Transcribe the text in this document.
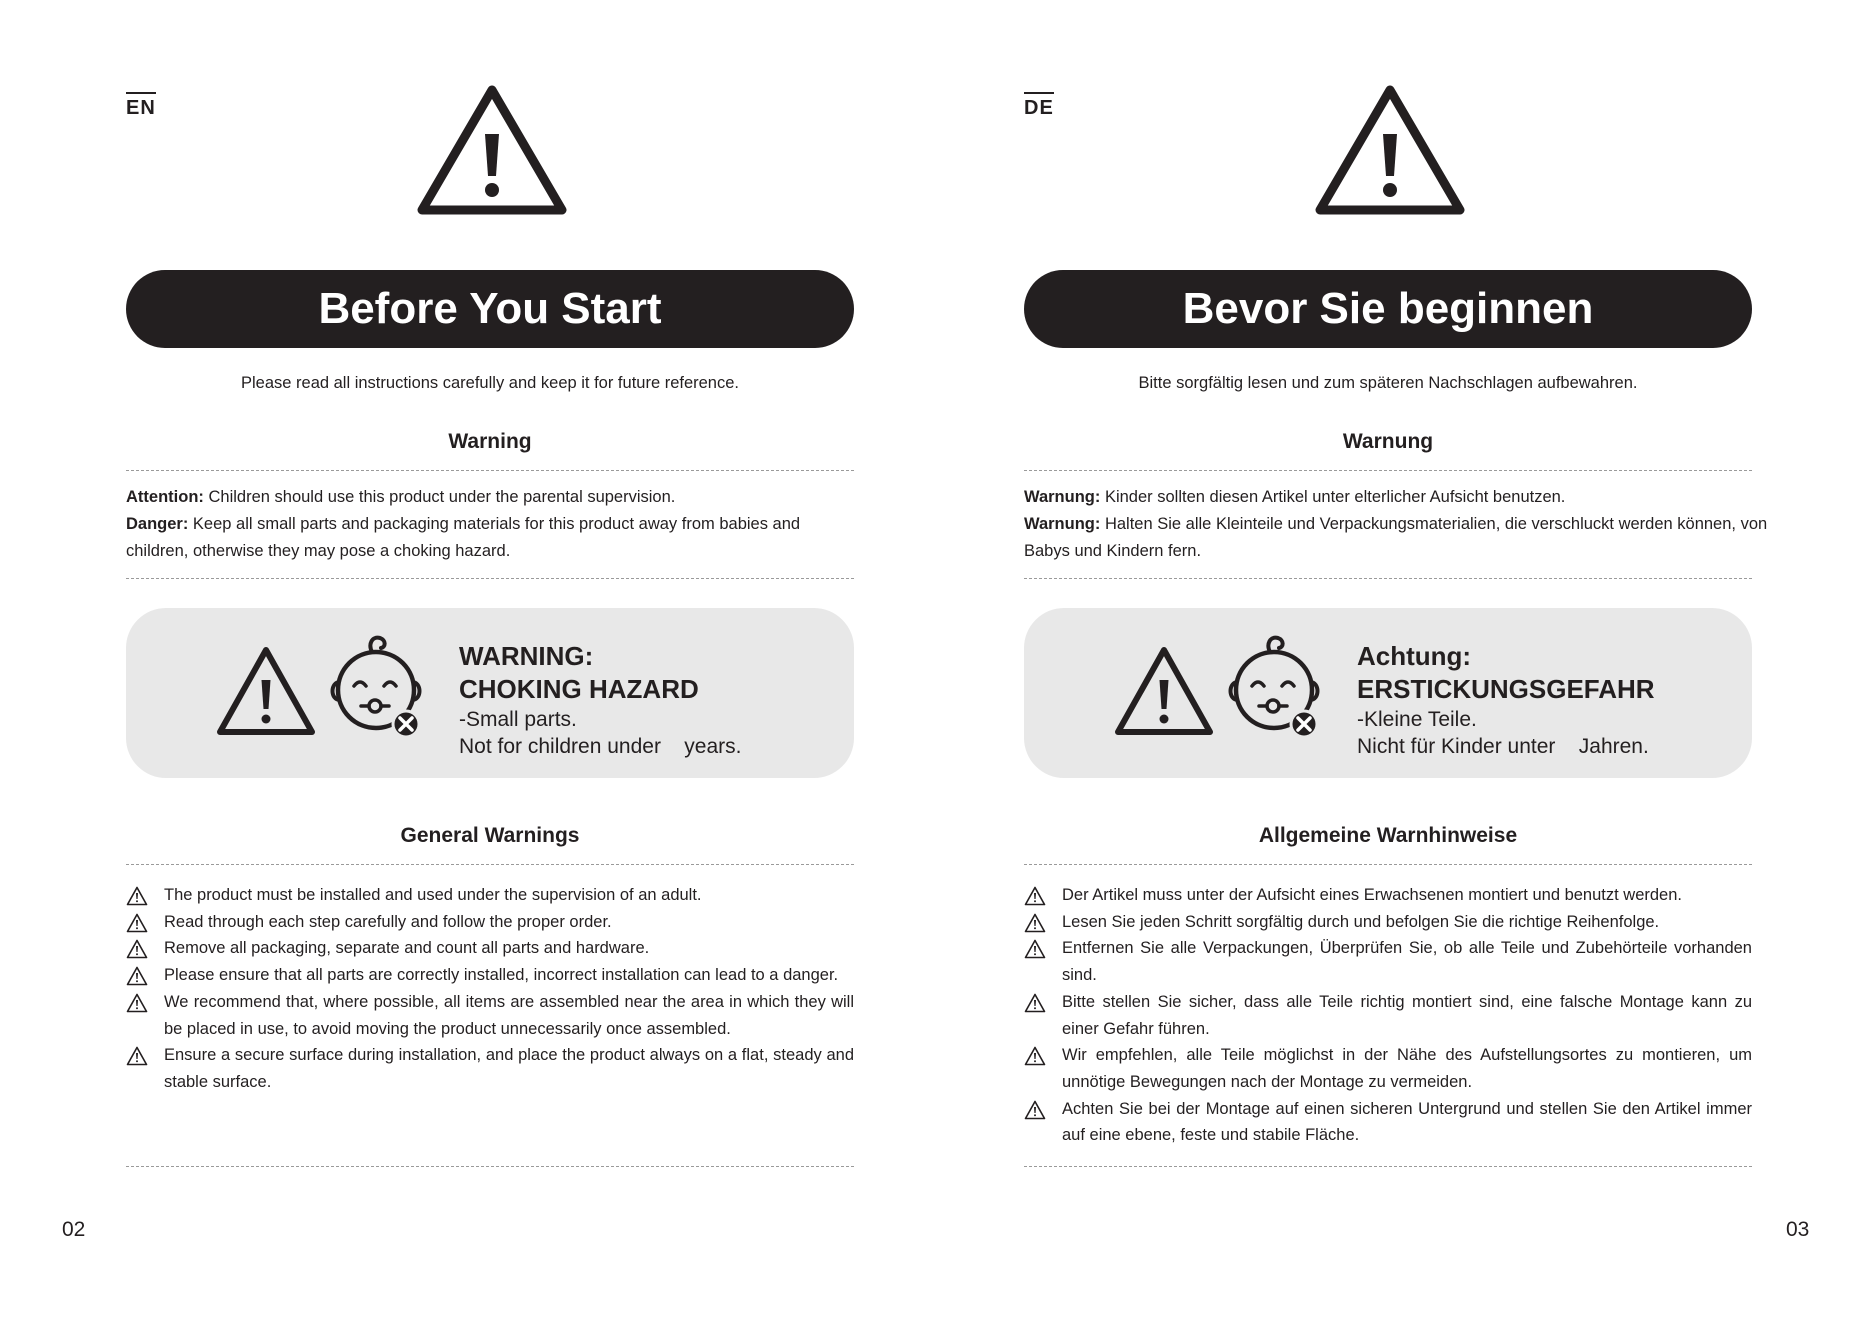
EN
Before You Start
Please read all instructions carefully and keep it for future reference.
Warning
Attention: Children should use this product under the parental supervision.
Danger: Keep all small parts and packaging materials for this product away from babies and children, otherwise they may pose a choking hazard.
WARNING:
CHOKING HAZARD
-Small parts.
Not for children under    years.
General Warnings
The product must be installed and used under the supervision of an adult.
Read through each step carefully and follow the proper order.
Remove all packaging, separate and count all parts and hardware.
Please ensure that all parts are correctly installed, incorrect installation can lead to a danger.
We recommend that, where possible, all items are assembled near the area in which they will be placed in use, to avoid moving the product unnecessarily once assembled.
Ensure a secure surface during installation, and place the product always on a flat, steady and stable surface.
DE
Bevor Sie beginnen
Bitte sorgfältig lesen und zum späteren Nachschlagen aufbewahren.
Warnung
Warnung: Kinder sollten diesen Artikel unter elterlicher Aufsicht benutzen.
Warnung: Halten Sie alle Kleinteile und Verpackungsmaterialien, die verschluckt werden können, von Babys und Kindern fern.
Achtung:
ERSTICKUNGSGEFAHR
-Kleine Teile.
Nicht für Kinder unter    Jahren.
Allgemeine Warnhinweise
Der Artikel muss unter der Aufsicht eines Erwachsenen montiert und benutzt werden.
Lesen Sie jeden Schritt sorgfältig durch und befolgen Sie die richtige Reihenfolge.
Entfernen Sie alle Verpackungen, Überprüfen Sie, ob alle Teile und Zubehörteile vorhanden sind.
Bitte stellen Sie sicher, dass alle Teile richtig montiert sind, eine falsche Montage kann zu einer Gefahr führen.
Wir empfehlen, alle Teile möglichst in der Nähe des Aufstellungsortes zu montieren, um unnötige Bewegungen nach der Montage zu vermeiden.
Achten Sie bei der Montage auf einen sicheren Untergrund und stellen Sie den Artikel immer auf eine ebene, feste und stabile Fläche.
02	03
